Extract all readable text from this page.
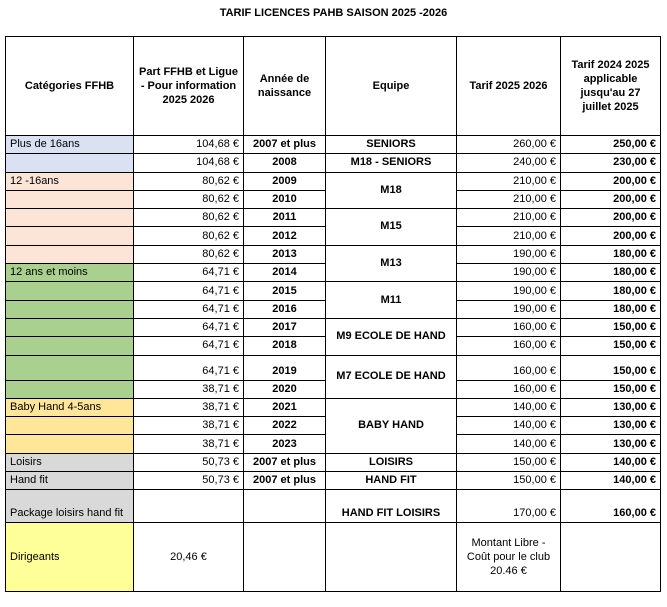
TARIF LICENCES PAHB SAISON 2025 -2026
Catégories FFHB	Part FFHB et Ligue - Pour information 2025 2026	Année de naissance	Equipe	Tarif 2025 2026	Tarif 2024 2025 applicable jusqu'au 27 juillet 2025
Plus de 16ans	104,68 €	2007 et plus	SENIORS	260,00 €	250,00 €
	104,68 €	2008	M18 - SENIORS	240,00 €	230,00 €
12 -16ans	80,62 €	2009	M18	210,00 €	200,00 €
	80,62 €	2010		210,00 €	200,00 €
	80,62 €	2011	M15	210,00 €	200,00 €
	80,62 €	2012		210,00 €	200,00 €
	80,62 €	2013	M13	190,00 €	180,00 €
12 ans et moins	64,71 €	2014		190,00 €	180,00 €
	64,71 €	2015	M11	190,00 €	180,00 €
	64,71 €	2016		190,00 €	180,00 €
	64,71 €	2017	M9 ECOLE DE HAND	160,00 €	150,00 €
	64,71 €	2018		160,00 €	150,00 €
	64,71 €	2019	M7 ECOLE DE HAND	160,00 €	150,00 €
	38,71 €	2020		160,00 €	150,00 €
Baby Hand 4-5ans	38,71 €	2021	BABY HAND	140,00 €	130,00 €
	38,71 €	2022		140,00 €	130,00 €
	38,71 €	2023		140,00 €	130,00 €
Loisirs	50,73 €	2007 et plus	LOISIRS	150,00 €	140,00 €
Hand fit	50,73 €	2007 et plus	HAND FIT	150,00 €	140,00 €
Package loisirs hand fit			HAND FIT LOISIRS	170,00 €	160,00 €
Dirigeants	20,46 €			Montant Libre - Coût pour le club 20.46 €	
